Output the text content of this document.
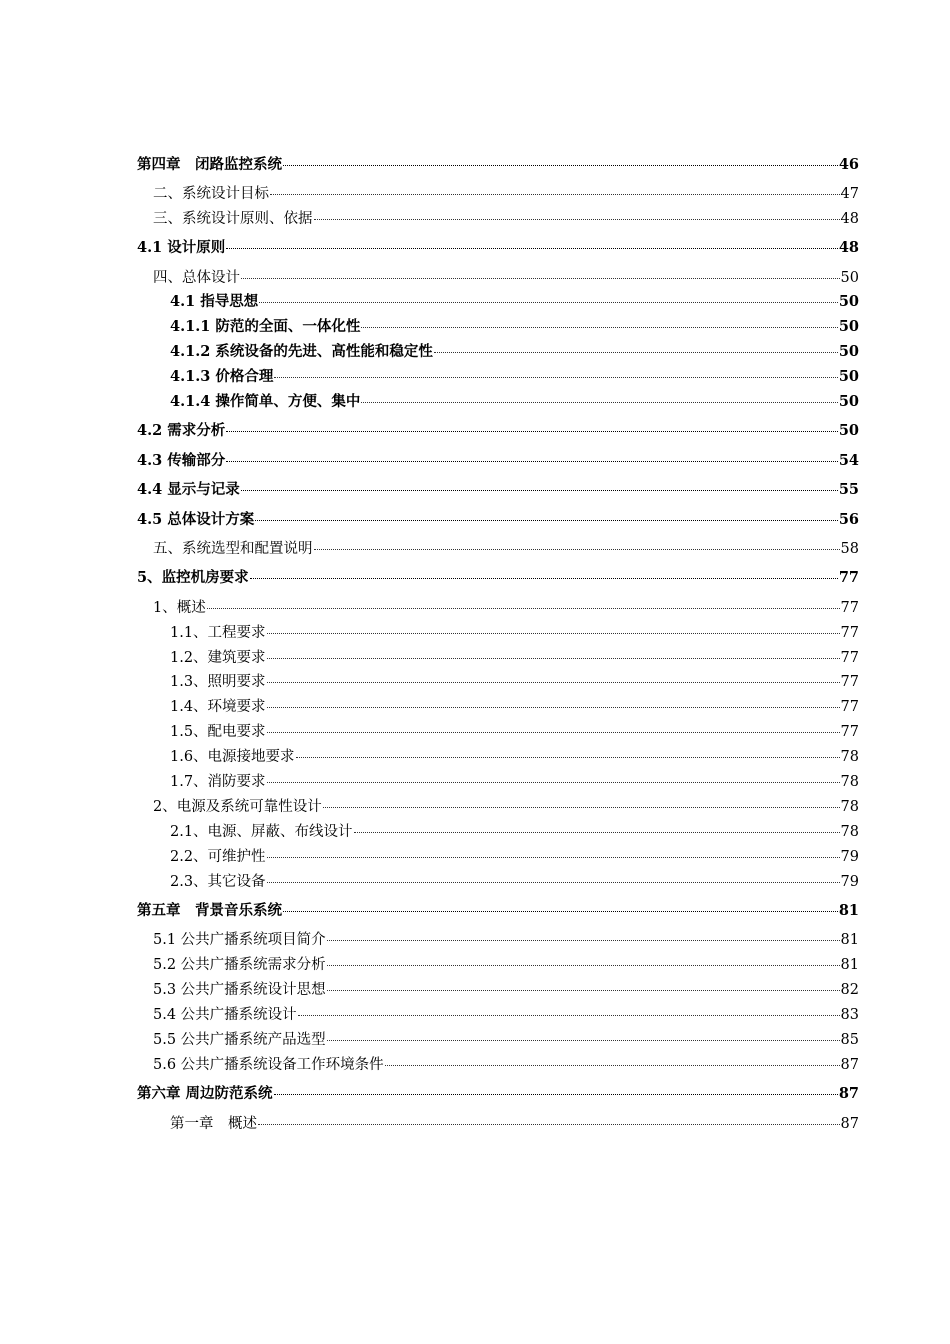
第四章　闭路监控系统	46
二、系统设计目标	47
三、系统设计原则、依据	48
4.1 设计原则	48
四、总体设计	50
4.1 指导思想	50
4.1.1 防范的全面、一体化性	50
4.1.2 系统设备的先进、高性能和稳定性	50
4.1.3 价格合理	50
4.1.4 操作简单、方便、集中	50
4.2 需求分析	50
4.3 传输部分	54
4.4 显示与记录	55
4.5 总体设计方案	56
五、系统选型和配置说明	58
5、监控机房要求	77
1、概述	77
1.1、工程要求	77
1.2、建筑要求	77
1.3、照明要求	77
1.4、环境要求	77
1.5、配电要求	77
1.6、电源接地要求	78
1.7、消防要求	78
2、电源及系统可靠性设计	78
2.1、电源、屏蔽、布线设计	78
2.2、可维护性	79
2.3、其它设备	79
第五章　背景音乐系统	81
5.1 公共广播系统项目简介	81
5.2 公共广播系统需求分析	81
5.3 公共广播系统设计思想	82
5.4 公共广播系统设计	83
5.5 公共广播系统产品选型	85
5.6 公共广播系统设备工作环境条件	87
第六章 周边防范系统	87
第一章　概述	87
